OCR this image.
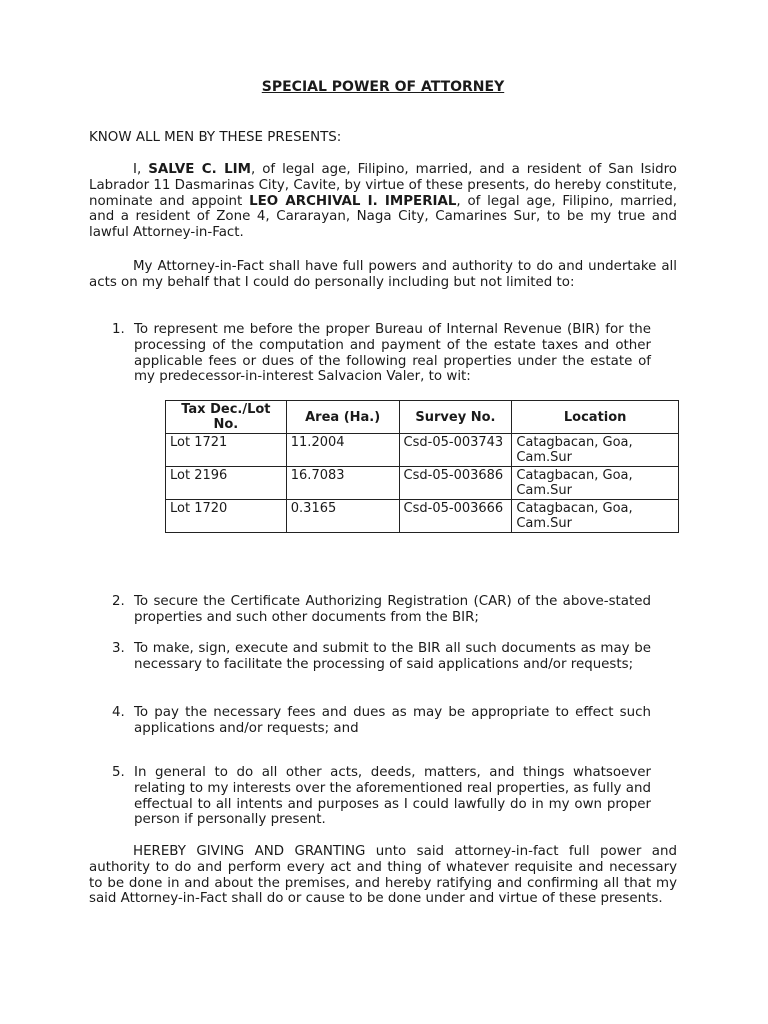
SPECIAL POWER OF ATTORNEY
KNOW ALL MEN BY THESE PRESENTS:
I, SALVE C. LIM, of legal age, Filipino, married, and a resident of San Isidro Labrador 11 Dasmarinas City, Cavite, by virtue of these presents, do hereby constitute, nominate and appoint LEO ARCHIVAL I. IMPERIAL, of legal age, Filipino, married, and a resident of Zone 4, Cararayan, Naga City, Camarines Sur, to be my true and lawful Attorney-in-Fact.
My Attorney-in-Fact shall have full powers and authority to do and undertake all acts on my behalf that I could do personally including but not limited to:
1. To represent me before the proper Bureau of Internal Revenue (BIR) for the processing of the computation and payment of the estate taxes and other applicable fees or dues of the following real properties under the estate of my predecessor-in-interest Salvacion Valer, to wit:
Tax Dec./Lot No.	Area (Ha.)	Survey No.	Location
Lot 1721	11.2004	Csd-05-003743	Catagbacan, Goa, Cam.Sur
Lot 2196	16.7083	Csd-05-003686	Catagbacan, Goa, Cam.Sur
Lot 1720	0.3165	Csd-05-003666	Catagbacan, Goa, Cam.Sur
2. To secure the Certificate Authorizing Registration (CAR) of the above-stated properties and such other documents from the BIR;
3. To make, sign, execute and submit to the BIR all such documents as may be necessary to facilitate the processing of said applications and/or requests;
4. To pay the necessary fees and dues as may be appropriate to effect such applications and/or requests; and
5. In general to do all other acts, deeds, matters, and things whatsoever relating to my interests over the aforementioned real properties, as fully and effectual to all intents and purposes as I could lawfully do in my own proper person if personally present.
HEREBY GIVING AND GRANTING unto said attorney-in-fact full power and authority to do and perform every act and thing of whatever requisite and necessary to be done in and about the premises, and hereby ratifying and confirming all that my said Attorney-in-Fact shall do or cause to be done under and virtue of these presents.
